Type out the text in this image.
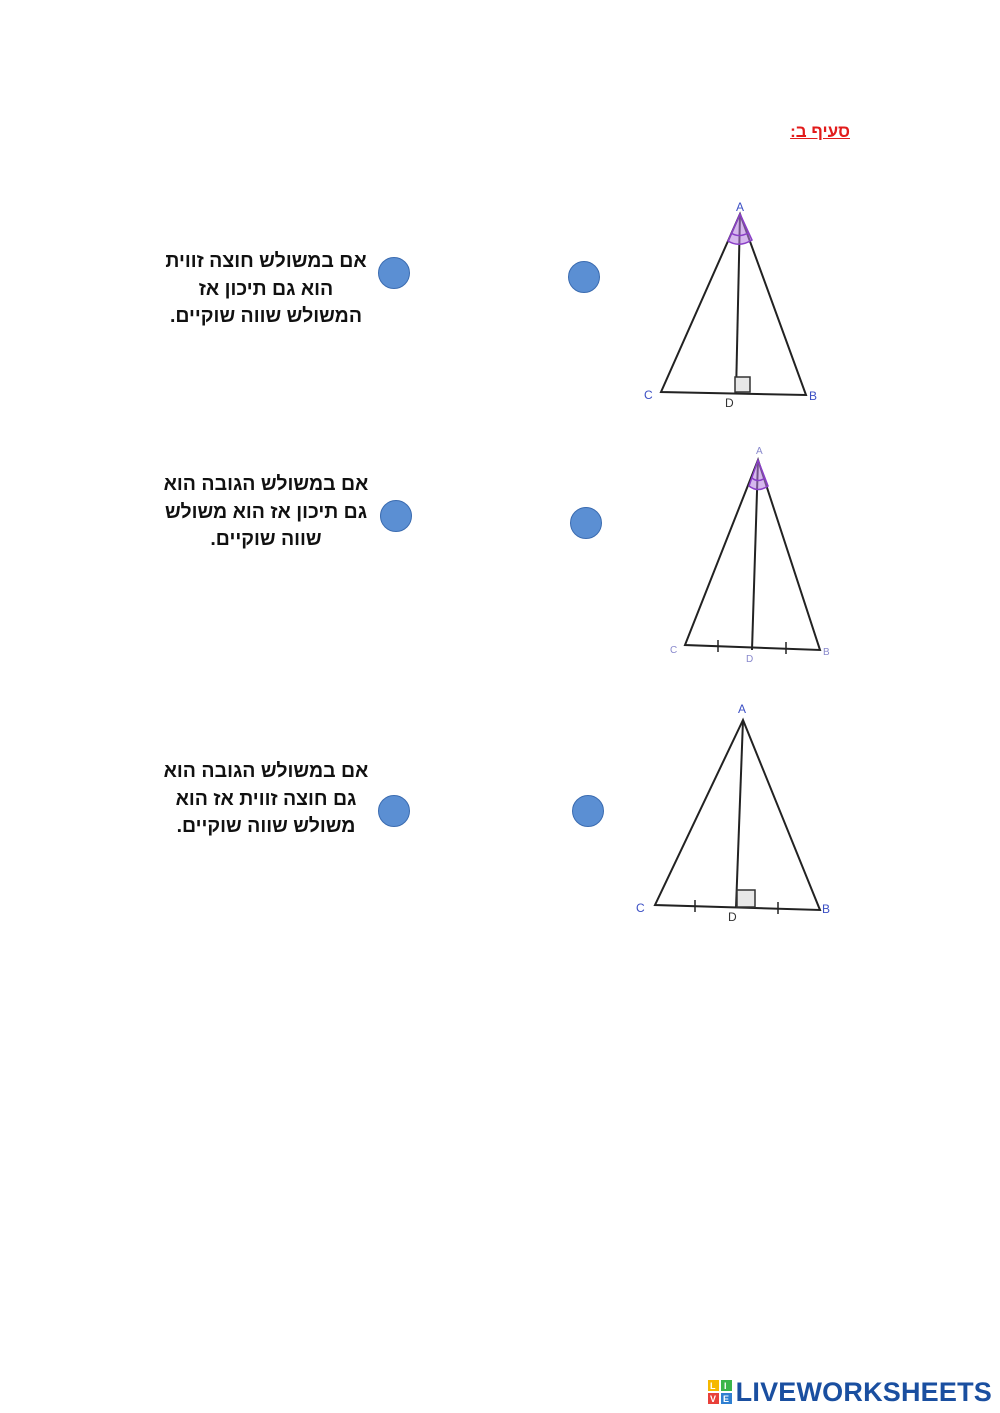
סעיף ב:
אם במשולש חוצה זווית הוא גם תיכון אז המשולש שווה שוקיים.
A
C	B
D
אם במשולש הגובה הוא גם תיכון אז הוא משולש שווה שוקיים.
A
C	B
D
אם במשולש הגובה הוא גם חוצה זווית אז הוא משולש שווה שוקיים.
A
C	B
D
L I
V E LIVEWORKSHEETS
